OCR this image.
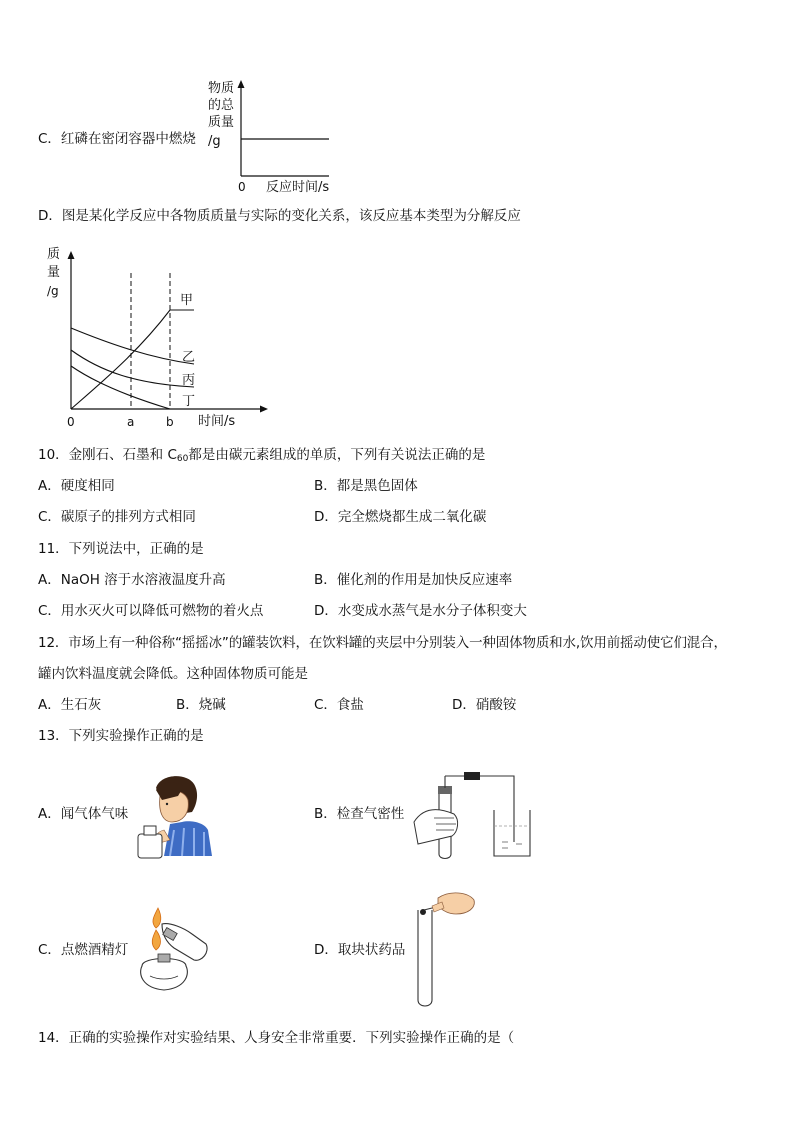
C．红磷在密闭容器中燃烧
物质
的总
质量
/g
0 反应时间/s
D．图是某化学反应中各物质质量与实际的变化关系，该反应基本类型为分解反应
质
量
/g
甲
乙
丙
丁
0	a	b 时间/s
10．金刚石、石墨和 $C_{60}$都是由碳元素组成的单质，下列有关说法正确的是
A．硬度相同	B．都是黑色固体
C．碳原子的排列方式相同	D．完全燃烧都生成二氧化碳
11．下列说法中，正确的是
A．NaOH 溶于水溶液温度升高	B．催化剂的作用是加快反应速率
C．用水灭火可以降低可燃物的着火点	D．水变成水蒸气是水分子体积变大
12．市场上有一种俗称“摇摇冰”的罐装饮料，在饮料罐的夹层中分别装入一种固体物质和水,饮用前摇动使它们混合，
罐内饮料温度就会降低。这种固体物质可能是
A．生石灰	B．烧碱	C．食盐	D．硝酸铵
13．下列实验操作正确的是
A．闻气体气味	B．检查气密性
C．点燃酒精灯	D．取块状药品
14．正确的实验操作对实验结果、人身安全非常重要．下列实验操作正确的是（
